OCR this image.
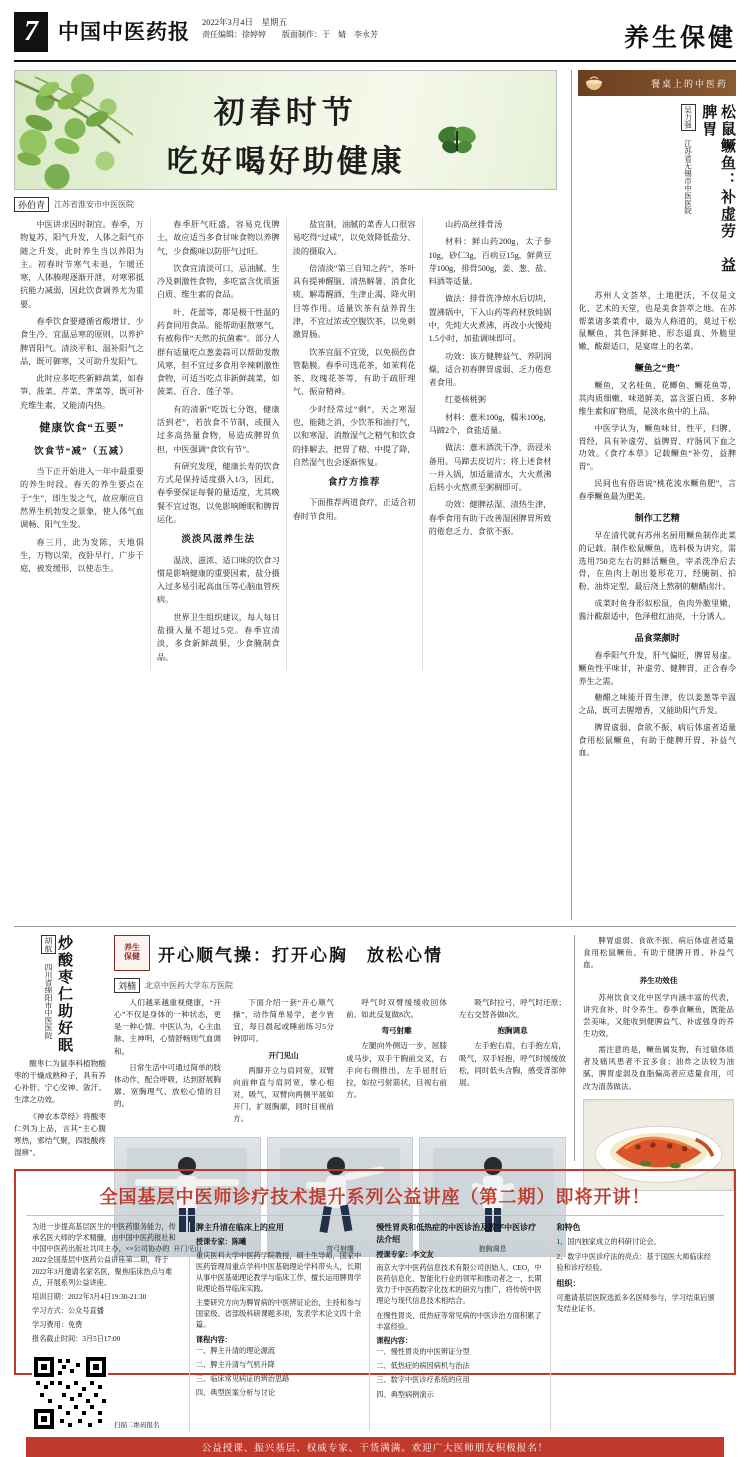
7 中国中医药报 2022年3月4日　星期五
责任编辑：徐婷婷　　版面制作：于　婧　李永芳	养生保健
初春时节
吃好喝好助健康
孙伯青	江苏省淮安市中医医院

中医讲求因时制宜。春季，万物复苏，阳气升发，人体之阳气亦随之升发，此时养生当以养阳为主。初春时节寒气未退，乍暖还寒，人体腠理逐渐开泄，对寒邪抵抗能力减弱，因此饮食调养尤为重要。

春季饮食要遵循省酸增甘、少食生冷、宜温忌寒的原则，以养护脾胃阳气。清淡平和、温补阳气之品，既可御寒，又可助升发阳气。

此时应多吃些新鲜蔬菜，如春笋、菠菜、芹菜、荠菜等，既可补充维生素，又能清内热。

健康饮食“五要”
饮食节“减”（五减）

当下正开始进入一年中最重要的养生时段。春天的养生要点在于“生”，即生发之气，故应顺应自然界生机勃发之景象，使人体气血调畅、阳气生发。

春三月，此为发陈，天地俱生，万物以荣，夜卧早行，广步于庭，被发缓形，以使志生。

春季肝气旺盛，容易克伐脾土，故应适当多食甘味食物以养脾气，少食酸味以防肝气过旺。

饮食宜清淡可口，忌油腻、生冷及刺激性食物，多吃富含优质蛋白质、维生素的食品。

叶、花蕾等，都是极干性温的药食同用食品。能帮助驱散寒气，有被称作“天然的抗菌素”。部分人群有适量吃点葱姜蒜可以帮助发散风寒，但不宜过多食用辛辣刺激性食物，可适当吃点非新鲜蔬菜，如菠菜、百合、莲子等。

有的清新“吃饭七分饱，健康活到老”，若放食不节制，或摄入过多高热量食物，易造成脾胃负担，中医强调“食饮有节”。

有研究发现，健康长寿的饮食方式是保持适度摄入1/3，因此，春季要保证每餐的量适度，尤其晚餐不宜过饱，以免影响睡眠和脾胃运化。

淡淡风滋养生法

温淡、滋浓、适口味的饮食习惯是影响健康的重要因素，盐分摄入过多易引起高血压等心脑血管疾病。

世界卫生组织建议，每人每日盐摄入量不超过5克。春季宜清淡，多食新鲜蔬果，少食腌制食品。

盐宜制，油腻的菜香人口很容易吃得“过咸”，以免效降低盐分、淡的摄取入。

倍清淡“第三自知之药”，茶叶具有提神醒脑、清热解暑、消食化痰、解毒醒酒、生津止渴、降火明目等作用。适量饮茶有益养胃生津，不宜过浓或空腹饮茶，以免刺激胃肠。

饮茶宜温不宜烫，以免损伤食管黏膜。春季可选花茶，如茉莉花茶、玫瑰花茶等，有助于疏肝理气、振奋精神。

少时经常过“剩”，天之寒湿也，能随之消，少饮茶和油打气，以和寒湿、消散湿气之精气和饮食的排解去，把胃了精、中提了降，自然湿气也会逐渐恢复。

食疗方推荐

下面推荐两道食疗，正适合初春时节食用。

山药高丝排骨汤

材料：鲜山药200g，太子参10g，砂仁3g，百病豆15g，鲜黄豆芽100g，排骨500g，姜、葱、盐、料酒等适量。

做法：排骨洗净焯水后切块，置沸锅中，下入山药等药材放炖锅中，先炖大火煮沸，再改小火慢炖1.5小时，加盐调味即可。

功效：该方健脾益气、养阴润燥，适合初春脾胃虚弱、乏力倦怠者食用。

红菱核桃粥

材料：薏米100g，糯米100g，马蹄2个，食盐适量。

做法：薏米酒洗干净，沥浸米备用。马蹄去皮切片；将上述食材一并入锅，加适量清水，大火煮沸后转小火熬煮至粥稠即可。

功效：健脾祛湿、清热生津，春季食用有助于改善湿困脾胃所致的倦怠乏力、食欲不振。

餐桌上的中医药
吴力强 江苏省无锡市中医医院	松鼠鳜鱼：补虚劳　益脾胃

苏州人文荟萃，土地肥沃，不仅是文化、艺术的天堂，也是美食荟萃之地。在苏帮菜诸多菜肴中，最为人称道的，莫过于松鼠鳜鱼，其色泽鲜艳、形态逼真、外脆里嫩、酸甜适口，是宴席上的名菜。

鳜鱼之“贵”

鳜鱼，又名桂鱼、花鲫鱼、鳜花鱼等，其肉质细嫩、味道鲜美，富含蛋白质、多种维生素和矿物质，是淡水鱼中的上品。

中医学认为，鳜鱼味甘、性平，归脾、胃经，具有补虚劳、益脾胃、疗肠风下血之功效。《食疗本草》记载鳜鱼“补劳，益脾胃”。

民间也有俗语说“桃花流水鳜鱼肥”，言春季鳜鱼最为肥美。

制作工艺精

早在清代就有苏州名厨用鳜鱼制作此菜的记载。制作松鼠鳜鱼，选料极为讲究，需选用750克左右的鲜活鳜鱼，宰杀洗净后去骨，在鱼肉上剞出菱形花刀，经腌制、拍粉、油炸定型，最后浇上熬制的糖醋卤汁。

成菜时鱼身形似松鼠，鱼肉外脆里嫩，酱汁酸甜适中，色泽橙红油亮，十分诱人。

品食菜颇时

春季阳气升发，肝气偏旺，脾胃易虚。鳜鱼性平味甘，补虚劳、健脾胃，正合春令养生之需。

糖醋之味能开胃生津，佐以姜葱等辛温之品，既可去腥增香，又能助阳气升发。

脾胃虚弱、食欲不振、病后体虚者适量食用松鼠鳜鱼，有助于健脾开胃、补益气血。

胡航 四川省绵阳市中医医院 炒酸枣仁助好眠

酸枣仁为鼠李科植物酸枣的干燥成熟种子，具有养心补肝、宁心安神、敛汗、生津之功效。

《神农本草经》将酸枣仁列为上品，言其“主心腹寒热，邪结气聚，四肢酸疼湿痹”。

养生
保健	开心顺气操：打开心胸　放松心情
刘楠	北京中医药大学东方医院

人们越来越重视健康，“开心”不仅是身体的一种状态，更是一种心情。中医认为，心主血脉、主神明，心情舒畅则气血调和。

日常生活中可通过简单的肢体动作，配合呼吸，达到舒展胸廓、宽胸理气、放松心情的目的。

下面介绍一套“开心顺气操”，动作简单易学，老少皆宜，每日晨起或睡前练习5分钟即可。

开门见山

两脚开立与肩同宽，双臂向前伸直与肩同宽，掌心相对，吸气，双臂向两侧平展如开门，扩展胸廓，同时目视前方。

呼气时双臂缓缓收回体前。如此反复做8次。

弯弓射雕

左腿向外侧迈一步，屈膝成马步，双手于胸前交叉，右手向右侧推出，左手屈肘后拉，如拉弓射箭状，目视右前方。

吸气时拉弓，呼气时还原；左右交替各做8次。

抱胸调息

左手抱右肩，右手抱左肩，吸气，双手轻抱，呼气时缓缓放松，同时低头含胸，感受背部伸展。

开门见山	弯弓射雕	抱胸调息

脾胃虚弱、食欲不振、病后体虚者适量食用松鼠鳜鱼，有助于健脾开胃、补益气血。

养生功效佳

苏州饮食文化中医学内涵丰富的代表，讲究食补、时令养生。春季食鳜鱼，既能品尝美味，又能收到健脾益气、补虚强身的养生功效。

需注意的是，鳜鱼属发物，有过敏体质者及痛风患者不宜多食；油炸之法较为油腻，脾胃虚弱及血脂偏高者应适量食用，可改为清蒸做法。

全国基层中医师诊疗技术提升系列公益讲座（第二期）即将开讲！

为进一步提高基层医生的中医药服务能力，传承名医大师的学术精髓，由中国中医药报社和中国中医药出版社共同主办、××公司协办的2022全国基层中医药公益讲座第二期，将于2022年3月邀请名家名医，聚焦临床热点与难点，开展系列公益讲座。

培训日期：2022年3月4日19:30-21:30

学习方式：公众号直播

学习费用：免费

报名截止时间：3月5日17:00

扫描二维码报名
脾主升清在临床上的应用
授课专家：陈曦

重庆医科大学中医药学院教授，硕士生导师，国家中医药管理局重点学科中医基础理论学科带头人，长期从事中医基础理论教学与临床工作，擅长运用脾胃学说理论指导临床实践。

主要研究方向为脾胃病的中医辨证论治，主持和参与国家级、省部级科研课题多项，发表学术论文四十余篇。

课程内容：

一、脾主升清的理论源流

二、脾主升清与气机升降

三、临床常见病证的辨治思路

四、典型医案分析与讨论

慢性胃炎和低热症的中医诊治及数字中医诊疗法介绍
授课专家：李文友

南京大学中医药信息技术有限公司创始人、CEO，中医药信息化、智能化行业的领军和推动者之一，长期致力于中医药数字化技术的研究与推广，将传统中医理论与现代信息技术相结合。

在慢性胃炎、低热症等常见病的中医诊治方面积累了丰富经验。

课程内容：

一、慢性胃炎的中医辨证分型

二、低热症的病因病机与治法

三、数字中医诊疗系统的应用

四、典型病例演示

和特色

1、国内独家成立的科研讨论会。

2、数字中医诊疗法的亮点：基于国医大师临床经验和诊疗经验。

组织：

可邀请基层医院选派多名医师参与，学习结束后颁发结业证书。

公益授课、振兴基层、权威专家、干货满满。欢迎广大医师朋友积极报名！
